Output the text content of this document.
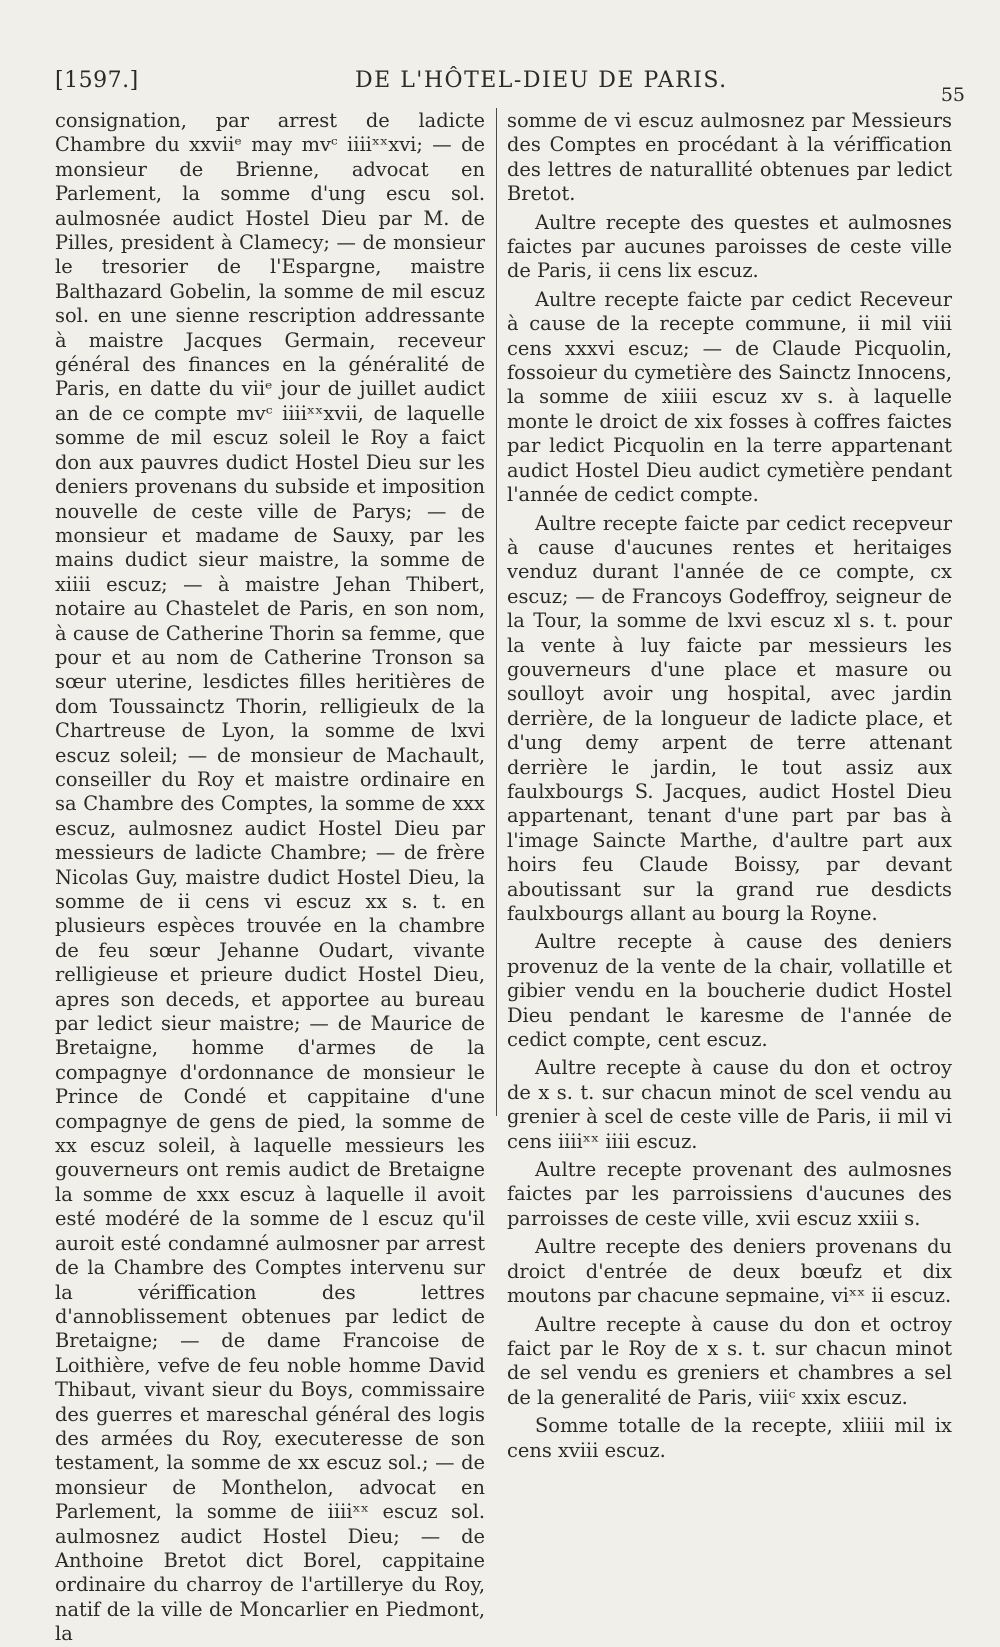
[1597.]	DE L'HÔTEL-DIEU DE PARIS.
55

consignation, par arrest de ladicte Chambre du xxviiᵉ may mvᶜ iiiiˣˣxvi; — de monsieur de Brienne, advocat en Parlement, la somme d'ung escu sol. aulmosnée audict Hostel Dieu par M. de Pilles, president à Clamecy; — de monsieur le tresorier de l'Espargne, maistre Balthazard Gobelin, la somme de mil escuz sol. en une sienne rescription addressante à maistre Jacques Germain, receveur général des finances en la généralité de Paris, en datte du viiᵉ jour de juillet audict an de ce compte mvᶜ iiiiˣˣxvii, de laquelle somme de mil escuz soleil le Roy a faict don aux pauvres dudict Hostel Dieu sur les deniers provenans du subside et imposition nouvelle de ceste ville de Parys; — de monsieur et madame de Sauxy, par les mains dudict sieur maistre, la somme de xiiii escuz; — à maistre Jehan Thibert, notaire au Chastelet de Paris, en son nom, à cause de Catherine Thorin sa femme, que pour et au nom de Catherine Tronson sa sœur uterine, lesdictes filles heritières de dom Toussainctz Thorin, relligieulx de la Chartreuse de Lyon, la somme de lxvi escuz soleil; — de monsieur de Machault, conseiller du Roy et maistre ordinaire en sa Chambre des Comptes, la somme de xxx escuz, aulmosnez audict Hostel Dieu par messieurs de ladicte Chambre; — de frère Nicolas Guy, maistre dudict Hostel Dieu, la somme de ii cens vi escuz xx s. t. en plusieurs espèces trouvée en la chambre de feu sœur Jehanne Oudart, vivante relligieuse et prieure dudict Hostel Dieu, apres son deceds, et apportee au bureau par ledict sieur maistre; — de Maurice de Bretaigne, homme d'armes de la compagnye d'ordonnance de monsieur le Prince de Condé et cappitaine d'une compagnye de gens de pied, la somme de xx escuz soleil, à laquelle messieurs les gouverneurs ont remis audict de Bretaigne la somme de xxx escuz à laquelle il avoit esté modéré de la somme de l escuz qu'il auroit esté condamné aulmosner par arrest de la Chambre des Comptes intervenu sur la vériffication des lettres d'annoblissement obtenues par ledict de Bretaigne; — de dame Francoise de Loithière, vefve de feu noble homme David Thibaut, vivant sieur du Boys, commissaire des guerres et mareschal général des logis des armées du Roy, executeresse de son testament, la somme de xx escuz sol.; — de monsieur de Monthelon, advocat en Parlement, la somme de iiiiˣˣ escuz sol. aulmosnez audict Hostel Dieu; — de Anthoine Bretot dict Borel, cappitaine ordinaire du charroy de l'artillerye du Roy, natif de la ville de Moncarlier en Piedmont, la

somme de vi escuz aulmosnez par Messieurs des Comptes en procédant à la vériffication des lettres de naturallité obtenues par ledict Bretot.

Aultre recepte des questes et aulmosnes faictes par aucunes paroisses de ceste ville de Paris, ii cens lix escuz.

Aultre recepte faicte par cedict Receveur à cause de la recepte commune, ii mil viii cens xxxvi escuz; — de Claude Picquolin, fossoieur du cymetière des Sainctz Innocens, la somme de xiiii escuz xv s. à laquelle monte le droict de xix fosses à coffres faictes par ledict Picquolin en la terre appartenant audict Hostel Dieu audict cymetière pendant l'année de cedict compte.

Aultre recepte faicte par cedict recepveur à cause d'aucunes rentes et heritaiges venduz durant l'année de ce compte, cx escuz; — de Francoys Godeffroy, seigneur de la Tour, la somme de lxvi escuz xl s. t. pour la vente à luy faicte par messieurs les gouverneurs d'une place et masure ou soulloyt avoir ung hospital, avec jardin derrière, de la longueur de ladicte place, et d'ung demy arpent de terre attenant derrière le jardin, le tout assiz aux faulxbourgs S. Jacques, audict Hostel Dieu appartenant, tenant d'une part par bas à l'image Saincte Marthe, d'aultre part aux hoirs feu Claude Boissy, par devant aboutissant sur la grand rue desdicts faulxbourgs allant au bourg la Royne.

Aultre recepte à cause des deniers provenuz de la vente de la chair, vollatille et gibier vendu en la boucherie dudict Hostel Dieu pendant le karesme de l'année de cedict compte, cent escuz.

Aultre recepte à cause du don et octroy de x s. t. sur chacun minot de scel vendu au grenier à scel de ceste ville de Paris, ii mil vi cens iiiiˣˣ iiii escuz.

Aultre recepte provenant des aulmosnes faictes par les parroissiens d'aucunes des parroisses de ceste ville, xvii escuz xxiii s.

Aultre recepte des deniers provenans du droict d'entrée de deux bœufz et dix moutons par chacune sepmaine, viˣˣ ii escuz.

Aultre recepte à cause du don et octroy faict par le Roy de x s. t. sur chacun minot de sel vendu es greniers et chambres a sel de la generalité de Paris, viiiᶜ xxix escuz.

Somme totalle de la recepte, xliiii mil ix cens xviii escuz.
